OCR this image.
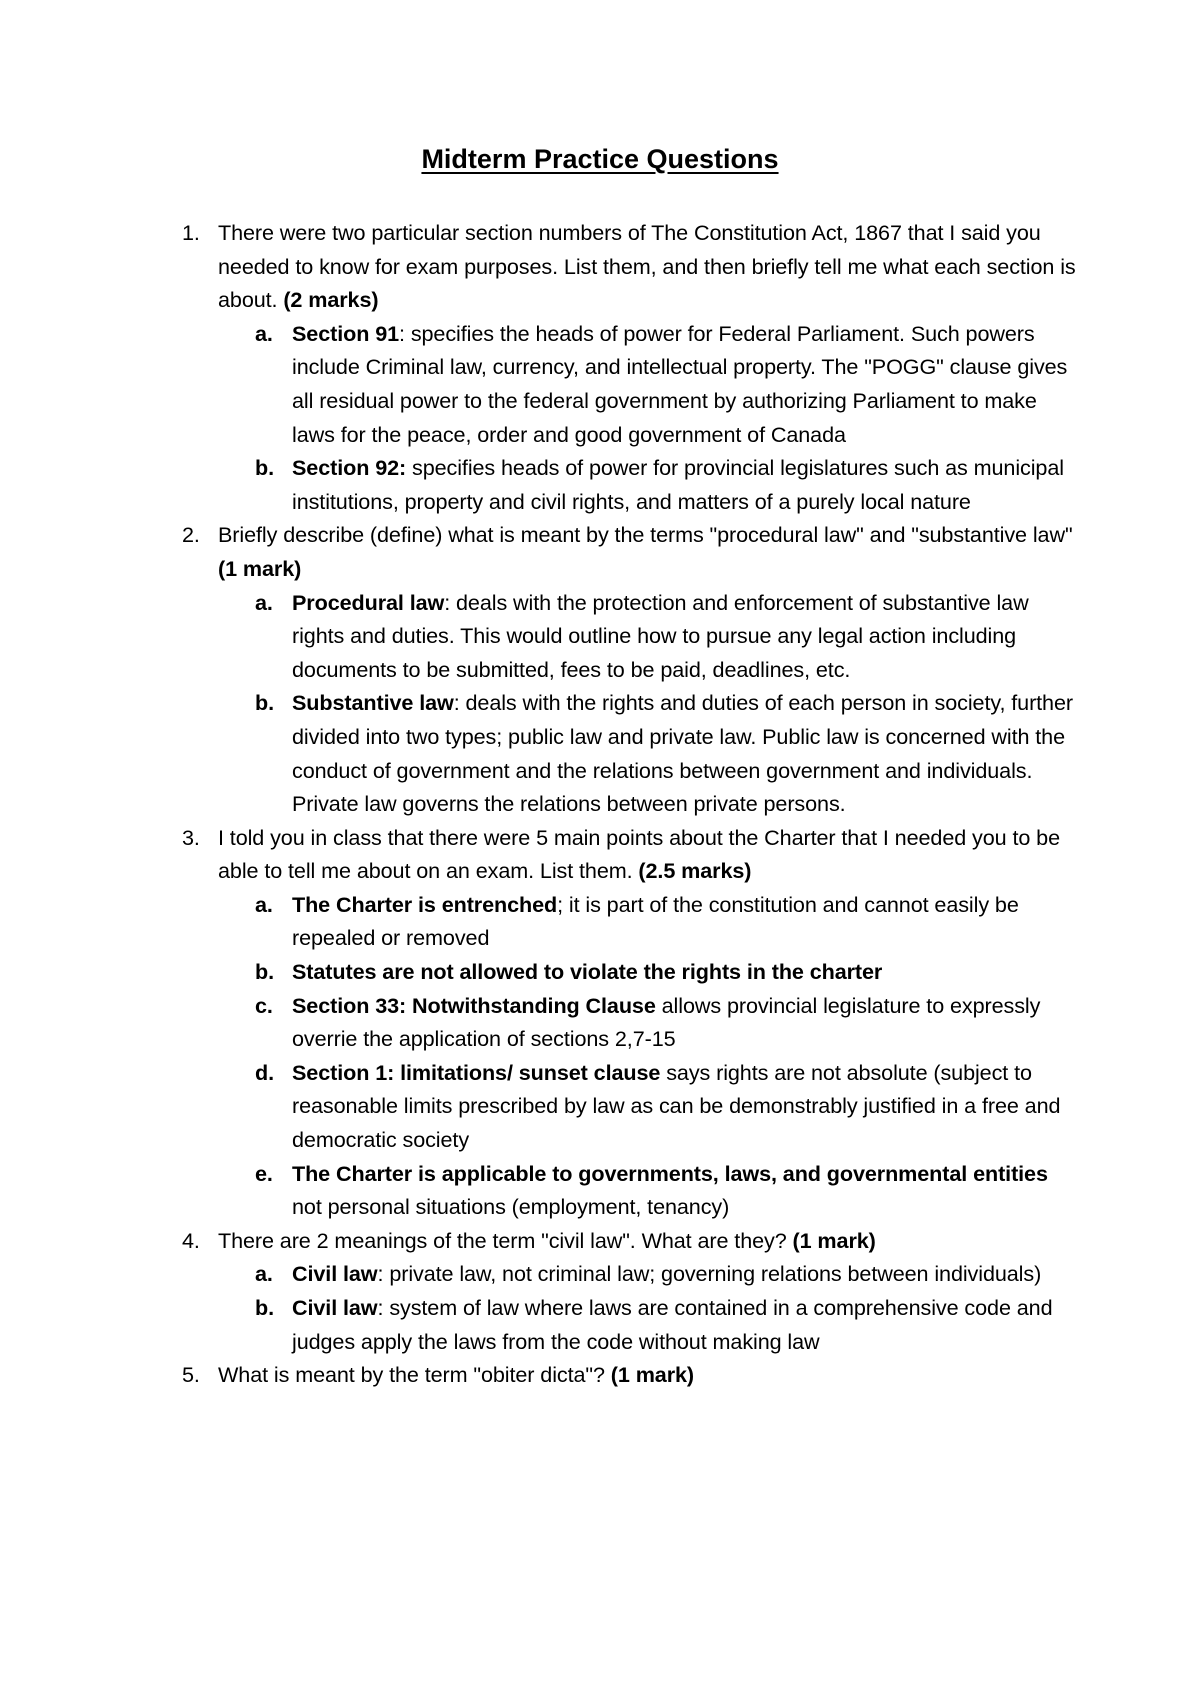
Midterm Practice Questions
1. There were two particular section numbers of The Constitution Act, 1867 that I said you needed to know for exam purposes. List them, and then briefly tell me what each section is about. (2 marks)
a. Section 91: specifies the heads of power for Federal Parliament. Such powers include Criminal law, currency, and intellectual property. The "POGG" clause gives all residual power to the federal government by authorizing Parliament to make laws for the peace, order and good government of Canada
b. Section 92: specifies heads of power for provincial legislatures such as municipal institutions, property and civil rights, and matters of a purely local nature
2. Briefly describe (define) what is meant by the terms "procedural law" and "substantive law" (1 mark)
a. Procedural law: deals with the protection and enforcement of substantive law rights and duties. This would outline how to pursue any legal action including documents to be submitted, fees to be paid, deadlines, etc.
b. Substantive law: deals with the rights and duties of each person in society, further divided into two types; public law and private law. Public law is concerned with the conduct of government and the relations between government and individuals. Private law governs the relations between private persons.
3. I told you in class that there were 5 main points about the Charter that I needed you to be able to tell me about on an exam. List them. (2.5 marks)
a. The Charter is entrenched; it is part of the constitution and cannot easily be repealed or removed
b. Statutes are not allowed to violate the rights in the charter
c. Section 33: Notwithstanding Clause allows provincial legislature to expressly overrie the application of sections 2,7-15
d. Section 1: limitations/ sunset clause says rights are not absolute (subject to reasonable limits prescribed by law as can be demonstrably justified in a free and democratic society
e. The Charter is applicable to governments, laws, and governmental entities not personal situations (employment, tenancy)
4. There are 2 meanings of the term "civil law". What are they? (1 mark)
a. Civil law: private law, not criminal law; governing relations between individuals)
b. Civil law: system of law where laws are contained in a comprehensive code and judges apply the laws from the code without making law
5. What is meant by the term "obiter dicta"? (1 mark)
